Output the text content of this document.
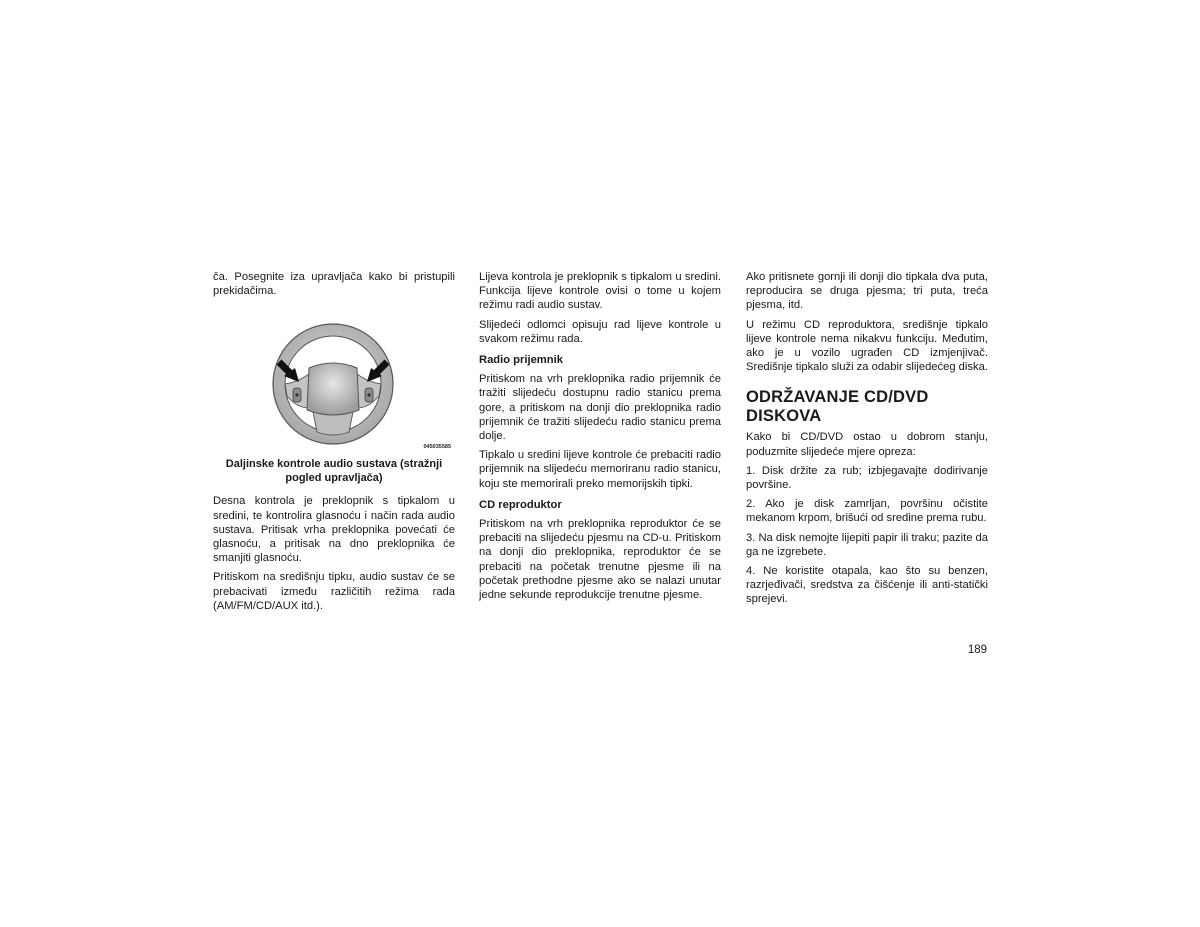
ča. Posegnite iza upravljača kako bi pristupili prekidačima.

045035585
Daljinske kontrole audio sustava (stražnji pogled upravljača)

Desna kontrola je preklopnik s tipkalom u sredini, te kontrolira glasnoću i način rada audio sustava. Pritisak vrha preklopnika povećati će glasnoću, a pritisak na dno preklopnika će smanjiti glasnoću.

Pritiskom na središnju tipku, audio sustav će se prebacivati između različitih režima rada (AM/FM/CD/AUX itd.).

Lijeva kontrola je preklopnik s tipkalom u sredini. Funkcija lijeve kontrole ovisi o tome u kojem režimu radi audio sustav.

Slijedeći odlomci opisuju rad lijeve kontrole u svakom režimu rada.

Radio prijemnik

Pritiskom na vrh preklopnika radio prijemnik će tražiti slijedeću dostupnu radio stanicu prema gore, a pritiskom na donji dio preklopnika radio prijemnik će tražiti slijedeću radio stanicu prema dolje.

Tipkalo u sredini lijeve kontrole će prebaciti radio prijemnik na slijedeću memoriranu radio stanicu, koju ste memorirali preko memorijskih tipki.

CD reproduktor

Pritiskom na vrh preklopnika reproduktor će se prebaciti na slijedeću pjesmu na CD-u. Pritiskom na donji dio preklopnika, reproduktor će se prebaciti na početak trenutne pjesme ili na početak prethodne pjesme ako se nalazi unutar jedne sekunde reprodukcije trenutne pjesme.

Ako pritisnete gornji ili donji dio tipkala dva puta, reproducira se druga pjesma; tri puta, treća pjesma, itd.

U režimu CD reproduktora, središnje tipkalo lijeve kontrole nema nikakvu funkciju. Međutim, ako je u vozilo ugrađen CD izmjenjivač. Središnje tipkalo služi za odabir slijedećeg diska.

ODRŽAVANJE CD/DVD DISKOVA

Kako bi CD/DVD ostao u dobrom stanju, poduzmite slijedeće mjere opreza:

1. Disk držite za rub; izbjegavajte dodirivanje površine.

2. Ako je disk zamrljan, površinu očistite mekanom krpom, brišući od sredine prema rubu.

3. Na disk nemojte lijepiti papir ili traku; pazite da ga ne izgrebete.

4. Ne koristite otapala, kao što su benzen, razrjeđivači, sredstva za čišćenje ili anti-statički sprejevi.

189
